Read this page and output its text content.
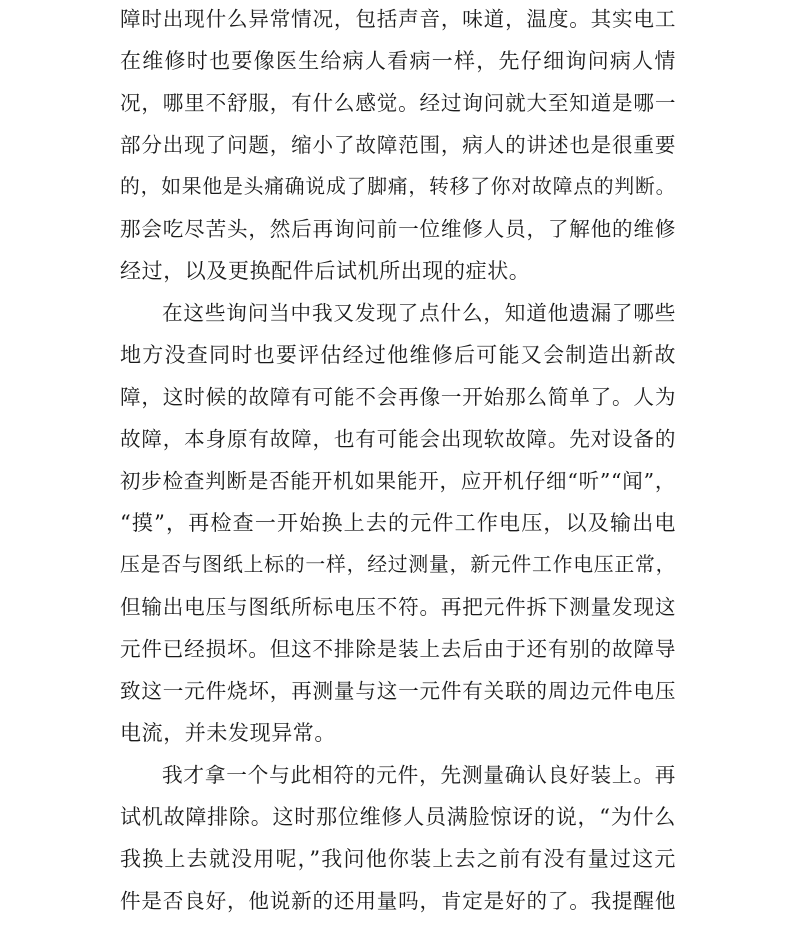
障时出现什么异常情况，包括声音，味道，温度。其实电工
在维修时也要像医生给病人看病一样，先仔细询问病人情
况，哪里不舒服，有什么感觉。经过询问就大至知道是哪一
部分出现了问题，缩小了故障范围，病人的讲述也是很重要
的，如果他是头痛确说成了脚痛，转移了你对故障点的判断。
那会吃尽苦头，然后再询问前一位维修人员，了解他的维修
经过，以及更换配件后试机所出现的症状。
在这些询问当中我又发现了点什么，知道他遗漏了哪些
地方没查同时也要评估经过他维修后可能又会制造出新故
障，这时候的故障有可能不会再像一开始那么简单了。人为
故障，本身原有故障，也有可能会出现软故障。先对设备的
初步检查判断是否能开机如果能开，应开机仔细“听”“闻”，
“摸”，再检查一开始换上去的元件工作电压，以及输出电
压是否与图纸上标的一样，经过测量，新元件工作电压正常，
但输出电压与图纸所标电压不符。再把元件拆下测量发现这
元件已经损坏。但这不排除是装上去后由于还有别的故障导
致这一元件烧坏，再测量与这一元件有关联的周边元件电压
电流，并未发现异常。
我才拿一个与此相符的元件，先测量确认良好装上。再
试机故障排除。这时那位维修人员满脸惊讶的说，“为什么
我换上去就没用呢，”我问他你装上去之前有没有量过这元
件是否良好，他说新的还用量吗，肯定是好的了。我提醒他
